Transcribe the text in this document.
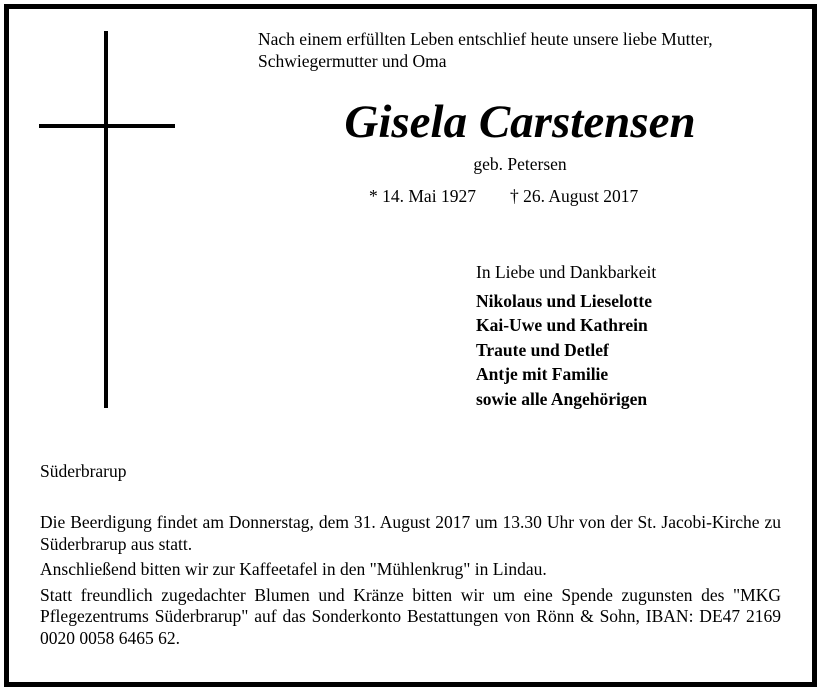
Nach einem erfüllten Leben entschlief heute unsere liebe Mutter,
Schwiegermutter und Oma
Gisela Carstensen
geb. Petersen
* 14. Mai 1927 † 26. August 2017
In Liebe und Dankbarkeit
Nikolaus und Lieselotte
Kai-Uwe und Kathrein
Traute und Detlef
Antje mit Familie
sowie alle Angehörigen
Süderbrarup

Die Beerdigung findet am Donnerstag, dem 31. August 2017 um 13.30 Uhr von der St. Jacobi-Kirche zu Süderbrarup aus statt.

Anschließend bitten wir zur Kaffeetafel in den "Mühlenkrug" in Lindau.

Statt freundlich zugedachter Blumen und Kränze bitten wir um eine Spende zugunsten des "MKG Pflegezentrums Süderbrarup" auf das Sonderkonto Bestattungen von Rönn & Sohn, IBAN: DE47 2169 0020 0058 6465 62.
